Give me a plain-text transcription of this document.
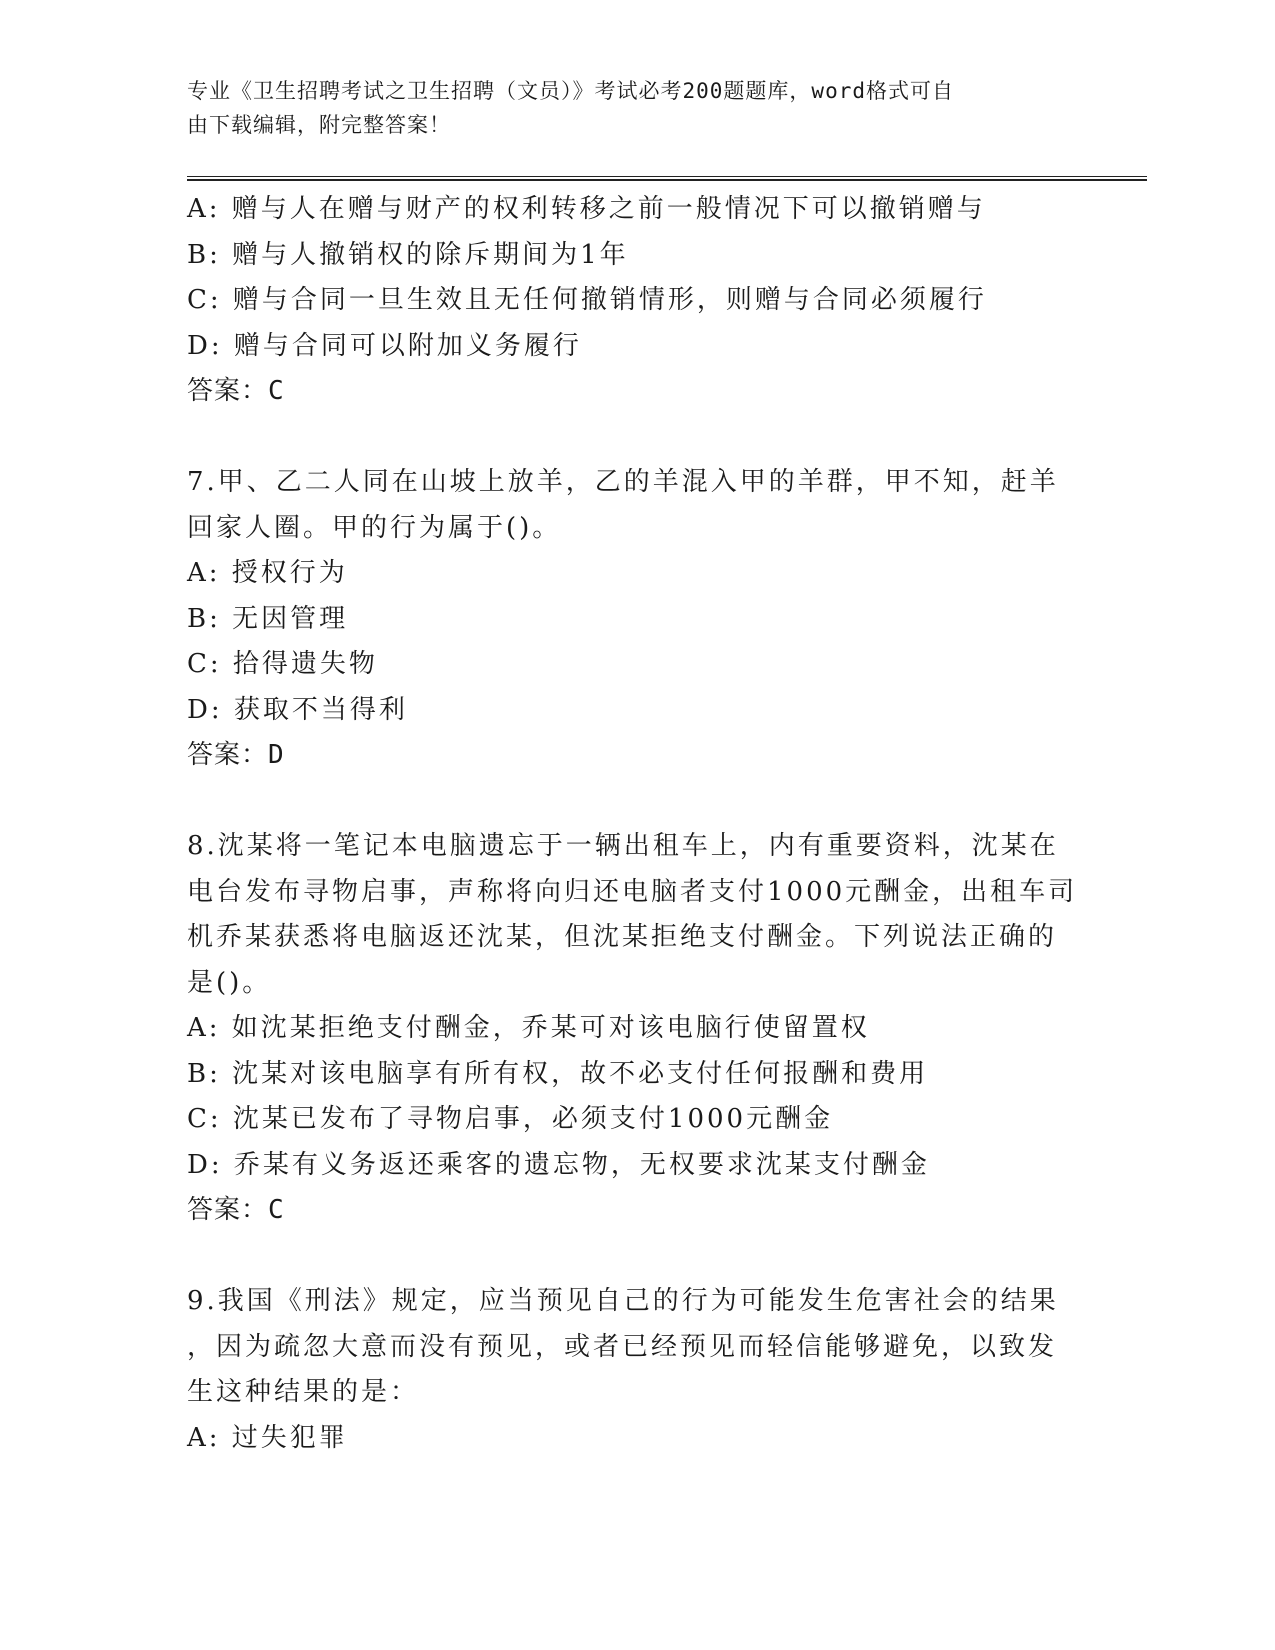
专业《卫生招聘考试之卫生招聘（文员）》考试必考200题题库，word格式可自
由下载编辑，附完整答案！
A: 赠与人在赠与财产的权利转移之前一般情况下可以撤销赠与
B: 赠与人撤销权的除斥期间为1年
C: 赠与合同一旦生效且无任何撤销情形，则赠与合同必须履行
D: 赠与合同可以附加义务履行
答案：C
7.甲、乙二人同在山坡上放羊，乙的羊混入甲的羊群，甲不知，赶羊
回家人圈。甲的行为属于()。
A: 授权行为
B: 无因管理
C: 拾得遗失物
D: 获取不当得利
答案：D
8.沈某将一笔记本电脑遗忘于一辆出租车上，内有重要资料，沈某在
电台发布寻物启事，声称将向归还电脑者支付1000元酬金，出租车司
机乔某获悉将电脑返还沈某，但沈某拒绝支付酬金。下列说法正确的
是()。
A: 如沈某拒绝支付酬金，乔某可对该电脑行使留置权
B: 沈某对该电脑享有所有权，故不必支付任何报酬和费用
C: 沈某已发布了寻物启事，必须支付1000元酬金
D: 乔某有义务返还乘客的遗忘物，无权要求沈某支付酬金
答案：C
9.我国《刑法》规定，应当预见自己的行为可能发生危害社会的结果
，因为疏忽大意而没有预见，或者已经预见而轻信能够避免，以致发
生这种结果的是：
A: 过失犯罪
